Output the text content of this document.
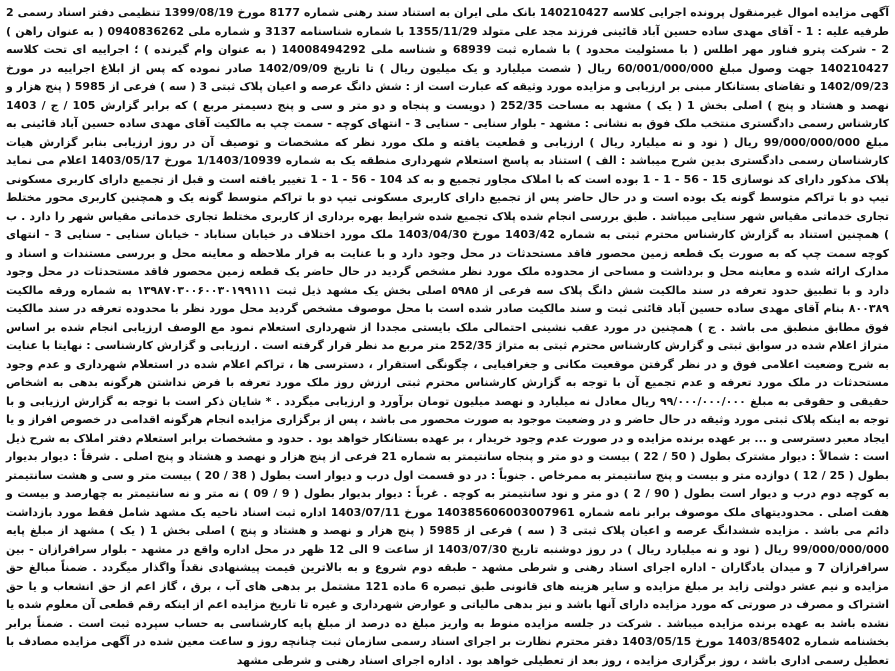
آگهی مزایده اموال غیرمنقول پرونده اجرایی کلاسه 140210427 بانک ملی ایران به استناد سند رهنی شماره 8177 مورخ 1399/08/19 تنظیمی دفتر اسناد رسمی 2 طرفیه علیه : 1 - آقای مهدی ساده حسین آباد قائینی فرزند مجد علی متولد 1355/11/29 با شماره شناسنامه 3137 و شماره ملی 0940836262 ( به عنوان راهن ) 2 - شرکت پترو فناور مهر اطلس ( با مسئولیت محدود ) با شماره ثبت 68939 و شناسه ملی 14008494292 ( به عنوان وام گیرنده ) ؛ اجراییه ای تحت کلاسه 140210427 جهت وصول مبلغ 60/001/000/000 ریال ( شصت میلیارد و یک میلیون ریال ) تا تاریخ 1402/09/09 صادر نموده که پس از ابلاغ اجراییه در مورخ 1402/09/23 و تقاضای بستانکار مبنی بر ارزیابی و مزایده مورد وثیقه که عبارت است از : شش دانگ عرصه و اعیان پلاک ثبتی 3 ( سه ) فرعی از 5985 ( پنج هزار و نهصد و هشتاد و پنج ) اصلی بخش 1 ( یک ) مشهد به مساحت 252/35 ( دویست و پنجاه و دو متر و سی و پنج دسیمتر مربع ) که برابر گزارش 105 / ج / 1403 کارشناس رسمی دادگستری منتخب ملک فوق به نشانی : مشهد - بلوار سنایی - سنایی 3 - انتهای کوچه - سمت چپ به مالکیت آقای مهدی ساده حسین آباد قائینی به مبلغ 99/000/000/000 ریال ( نود و نه میلیارد ریال ) ارزیابی و قطعیت یافته و ملک مورد نظر که مشخصات و توصیف آن در روز ارزیابی بنابر گزارش هیات کارشناسان رسمی دادگستری بدین شرح میباشد : الف ) استناد به پاسخ استعلام شهرداری منطقه یک به شماره 1/1403/10939 مورخ 1403/05/17 اعلام می نماید پلاک مذکور دارای کد نوسازی 15 - 56 - 1 - 1 بوده است که با املاک مجاور تجمیع و به کد 104 - 56 - 1 - 1 تغییر یافته است و قبل از تجمیع دارای کاربری مسکونی تیپ دو با تراکم متوسط گونه یک بوده است و در حال حاضر پس از تجمیع دارای کاربری مسکونی تیپ دو با تراکم متوسط گونه یک و همچنین کاربری محور مختلط تجاری خدماتی مقیاس شهر سنایی میباشد . طبق بررسی انجام شده پلاک تجمیع شده شرایط بهره برداری از کاربری مختلط تجاری خدماتی مقیاس شهر را دارد . ب ) همچنین استناد به گزارش کارشناس محترم ثبتی به شماره 1403/42 مورخ 1403/04/30 ملک مورد اختلاف در خیابان سناباد - خیابان سنایی - سنایی 3 - انتهای کوچه سمت چپ که به صورت یک قطعه زمین محصور فاقد مستحدثات در محل وجود دارد و با عنایت به قرار ملاحظه و معاینه محل و بررسی مستندات و اسناد و مدارک ارائه شده و معاینه محل و برداشت و مساحی از محدوده ملک مورد نظر مشخص گردید در حال حاضر یک قطعه زمین محصور فاقد مستحدثات در محل وجود دارد و با تطبیق حدود تعرفه در سند مالکیت شش دانگ پلاک سه فرعی از ۵۹۸۵ اصلی بخش یک مشهد ذیل ثبت ۱۳۹۸۷۰۳۰۰۶۰۰۳۰۱۹۹۱۱۱ به شماره ورقه مالکیت ۸۰۰۳۸۹ بنام آقای مهدی ساده حسین آباد قائنی ثبت و سند مالکیت صادر شده است با محل موصوف مشخص گردید محل مورد نظر با محدوده تعرفه در سند مالکیت فوق مطابق منطبق می باشد . ج ) همچنین در مورد عقب نشینی احتمالی ملک بایستی مجددا از شهرداری استعلام نمود مع الوصف ارزیابی انجام شده بر اساس متراژ اعلام شده در سوابق ثبتی و گزارش کارشناس محترم ثبتی به متراژ 252/35 متر مربع مد نظر قرار گرفته است . ارزیابی و گزارش کارشناسی : نهایتا با عنایت به شرح وضعیت اعلامی فوق و در نظر گرفتن موقعیت مکانی و جغرافیایی ، چگونگی استقرار ، دسترسی ها ، تراکم اعلام شده در استعلام شهرداری و عدم وجود مستحدثات در ملک مورد تعرفه و عدم تجمیع آن با توجه به گزارش کارشناس محترم ثبتی ارزش روز ملک مورد تعرفه با فرض نداشتن هرگونه بدهی به اشخاص حقیقی و حقوقی به مبلغ ۹۹/۰۰۰/۰۰۰/۰۰۰ ریال معادل نه میلیارد و نهصد میلیون تومان برآورد و ارزیابی میگردد . * شایان ذکر است با توجه به گزارش ارزیابی و با توجه به اینکه پلاک ثبتی مورد وثیقه در حال حاضر و در وضعیت موجود به صورت محصور می باشد ، پس از برگزاری مزایده انجام هرگونه اقدامی در خصوص افراز و یا ایجاد معبر دسترسی و ... بر عهده برنده مزایده و در صورت عدم وجود خریدار ، بر عهده بستانکار خواهد بود . حدود و مشخصات برابر استعلام دفتر املاک به شرح ذیل است : شمالاً : دیوار مشترک بطول ( 50 / 22 ) بیست و دو متر و پنجاه سانتیمتر به شماره 21 فرعی از پنج هزار و نهصد و هشتاد و پنج اصلی . شرقاً : دیوار بدیوار بطول ( 25 / 12 ) دوازده متر و بیست و پنج سانتیمتر به ممرخاص . جنوباً : در دو قسمت اول درب و دیوار است بطول ( 38 / 20 ) بیست متر و سی و هشت سانتیمتر به کوچه دوم درب و دیوار است بطول ( 90 / 2 ) دو متر و نود سانتیمتر به کوچه . غرباً : دیوار بدیوار بطول ( 9 / 09 ) نه متر و نه سانتیمتر به چهارصد و بیست و هفت اصلی . محدودیتهای ملک موصوف برابر نامه شماره 140385606003007961 مورخ 1403/07/11 اداره ثبت اسناد ناحیه یک مشهد شامل فقط مورد بازداشت دائم می باشد . مزایده ششدانگ عرصه و اعیان پلاک ثبتی 3 ( سه ) فرعی از 5985 ( پنج هزار و نهصد و هشتاد و پنج ) اصلی بخش 1 ( یک ) مشهد از مبلغ پایه 99/000/000/000 ریال ( نود و نه میلیارد ریال ) در روز دوشنبه تاریخ 1403/07/30 از ساعت 9 الی 12 ظهر در محل اداره واقع در مشهد - بلوار سرافرازان - بین سرافرازان 7 و میدان یادگاران - اداره اجرای اسناد رهنی و شرطی مشهد - طبقه دوم شروع و به بالاترین قیمت پیشنهادی نقداً واگذار میگردد . ضمناً مبالغ حق مزایده و نیم عشر دولتی زاید بر مبلغ مزایده و سایر هزینه های قانونی طبق تبصره 6 ماده 121 مشتمل بر بدهی های آب ، برق ، گاز اعم از حق انشعاب و یا حق اشتراک و مصرف در صورتی که مورد مزایده دارای آنها باشد و نیز بدهی مالیاتی و عوارض شهرداری و غیره تا تاریخ مزایده اعم از اینکه رقم قطعی آن معلوم شده یا نشده باشد به عهده برنده مزایده میباشد . شرکت در جلسه مزایده منوط به واریز مبلغ ده درصد از مبلغ پایه کارشناسی به حساب سپرده ثبت است . ضمناً برابر بخشنامه شماره 1403/85402 مورخ 1403/05/15 دفتر محترم نظارت بر اجرای اسناد رسمی سازمان ثبت چنانچه روز و ساعت معین شده در آگهی مزایده مصادف با تعطیل رسمی اداری باشد ، روز برگزاری مزایده ، روز بعد از تعطیلی خواهد بود . اداره اجرای اسناد رهنی و شرطی مشهد
